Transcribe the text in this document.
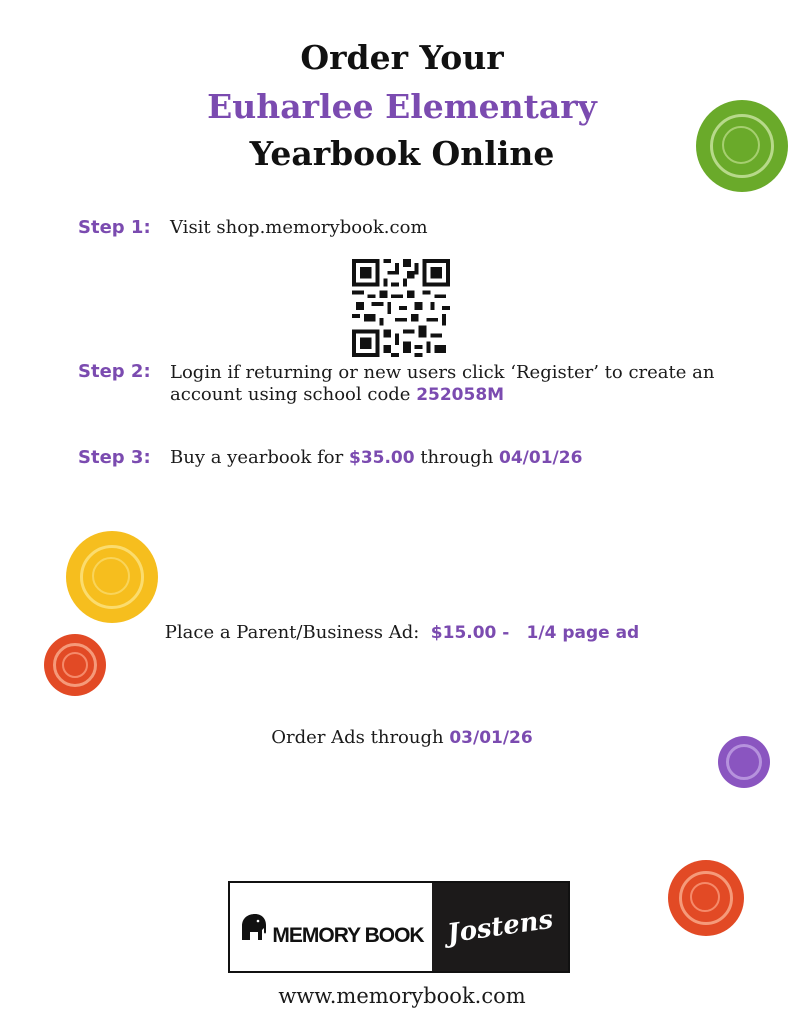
Order Your
Euharlee Elementary
Yearbook Online
Step 1: Visit shop.memorybook.com
Step 2: Login if returning or new users click ‘Register’ to create an
account using school code 252058M
Step 3: Buy a yearbook for $35.00 through 04/01/26
Place a Parent/Business Ad:  $15.00 - 1/4 page ad
Order Ads through 03/01/26
MEMORY BOOK Jostens
www.memorybook.com
